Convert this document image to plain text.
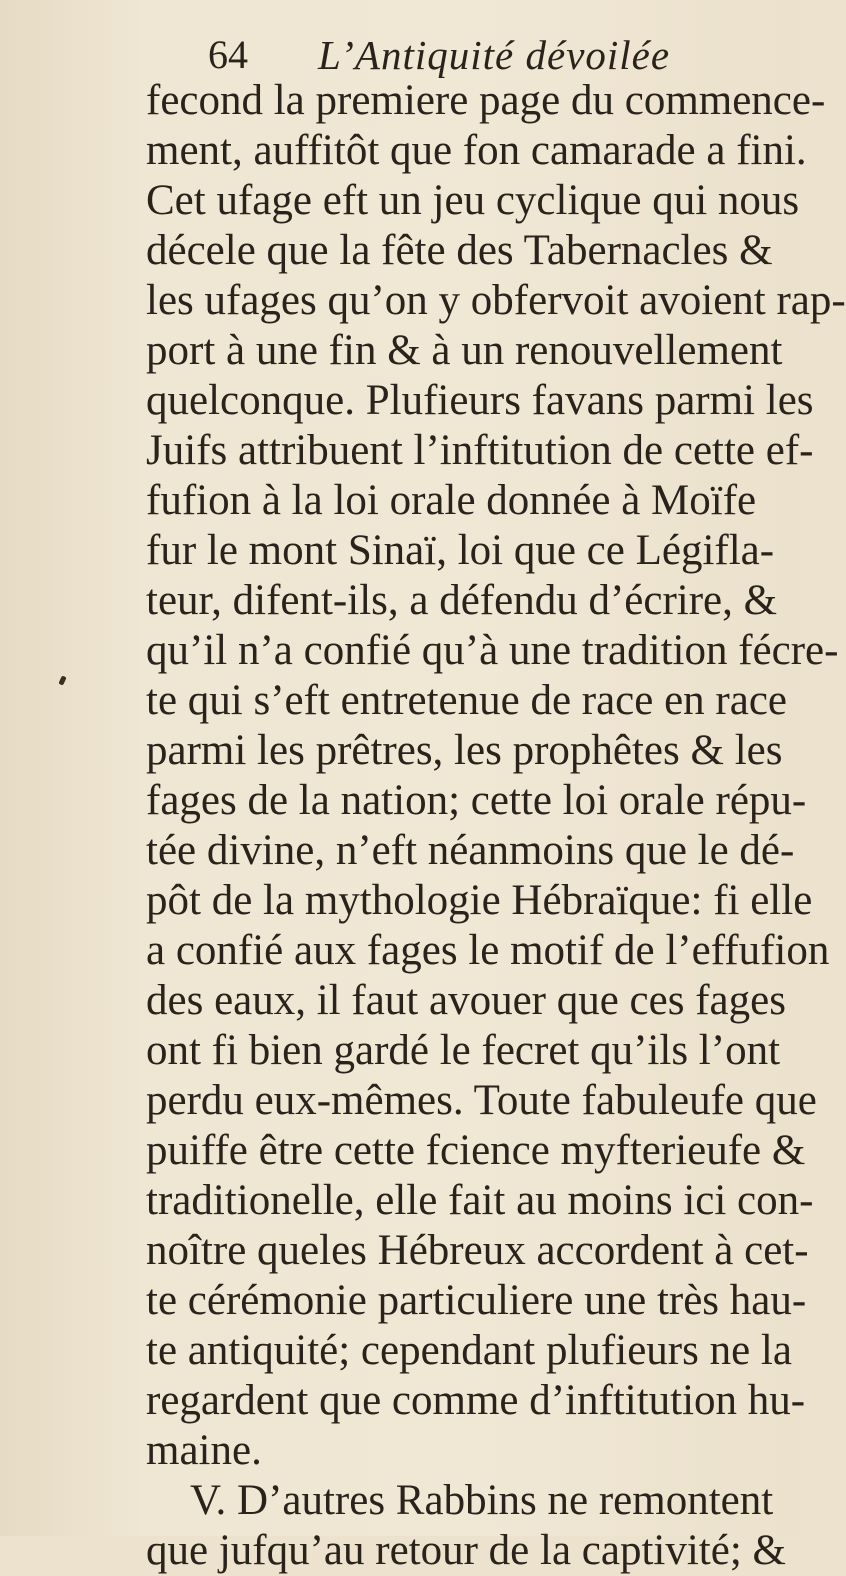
64 L’Antiquité dévoilée
fecond la premiere page du commence-
ment, auffitôt que fon camarade a fini.
Cet ufage eft un jeu cyclique qui nous
décele que la fête des Tabernacles &
les ufages qu’on y obfervoit avoient rap-
port à une fin & à un renouvellement
quelconque. Plufieurs favans parmi les
Juifs attribuent l’inftitution de cette ef-
fufion à la loi orale donnée à Moïfe
fur le mont Sinaï, loi que ce Légifla-
teur, difent-ils, a défendu d’écrire, &
qu’il n’a confié qu’à une tradition fécre-
te qui s’eft entretenue de race en race
parmi les prêtres, les prophêtes & les
fages de la nation; cette loi orale répu-
tée divine, n’eft néanmoins que le dé-
pôt de la mythologie Hébraïque: fi elle
a confié aux fages le motif de l’effufion
des eaux, il faut avouer que ces fages
ont fi bien gardé le fecret qu’ils l’ont
perdu eux-mêmes. Toute fabuleufe que
puiffe être cette fcience myfterieufe &
traditionelle, elle fait au moins ici con-
noître queles Hébreux accordent à cet-
te cérémonie particuliere une très hau-
te antiquité; cependant plufieurs ne la
regardent que comme d’inftitution hu-
maine.
V. D’autres Rabbins ne remontent
que jufqu’au retour de la captivité; &
